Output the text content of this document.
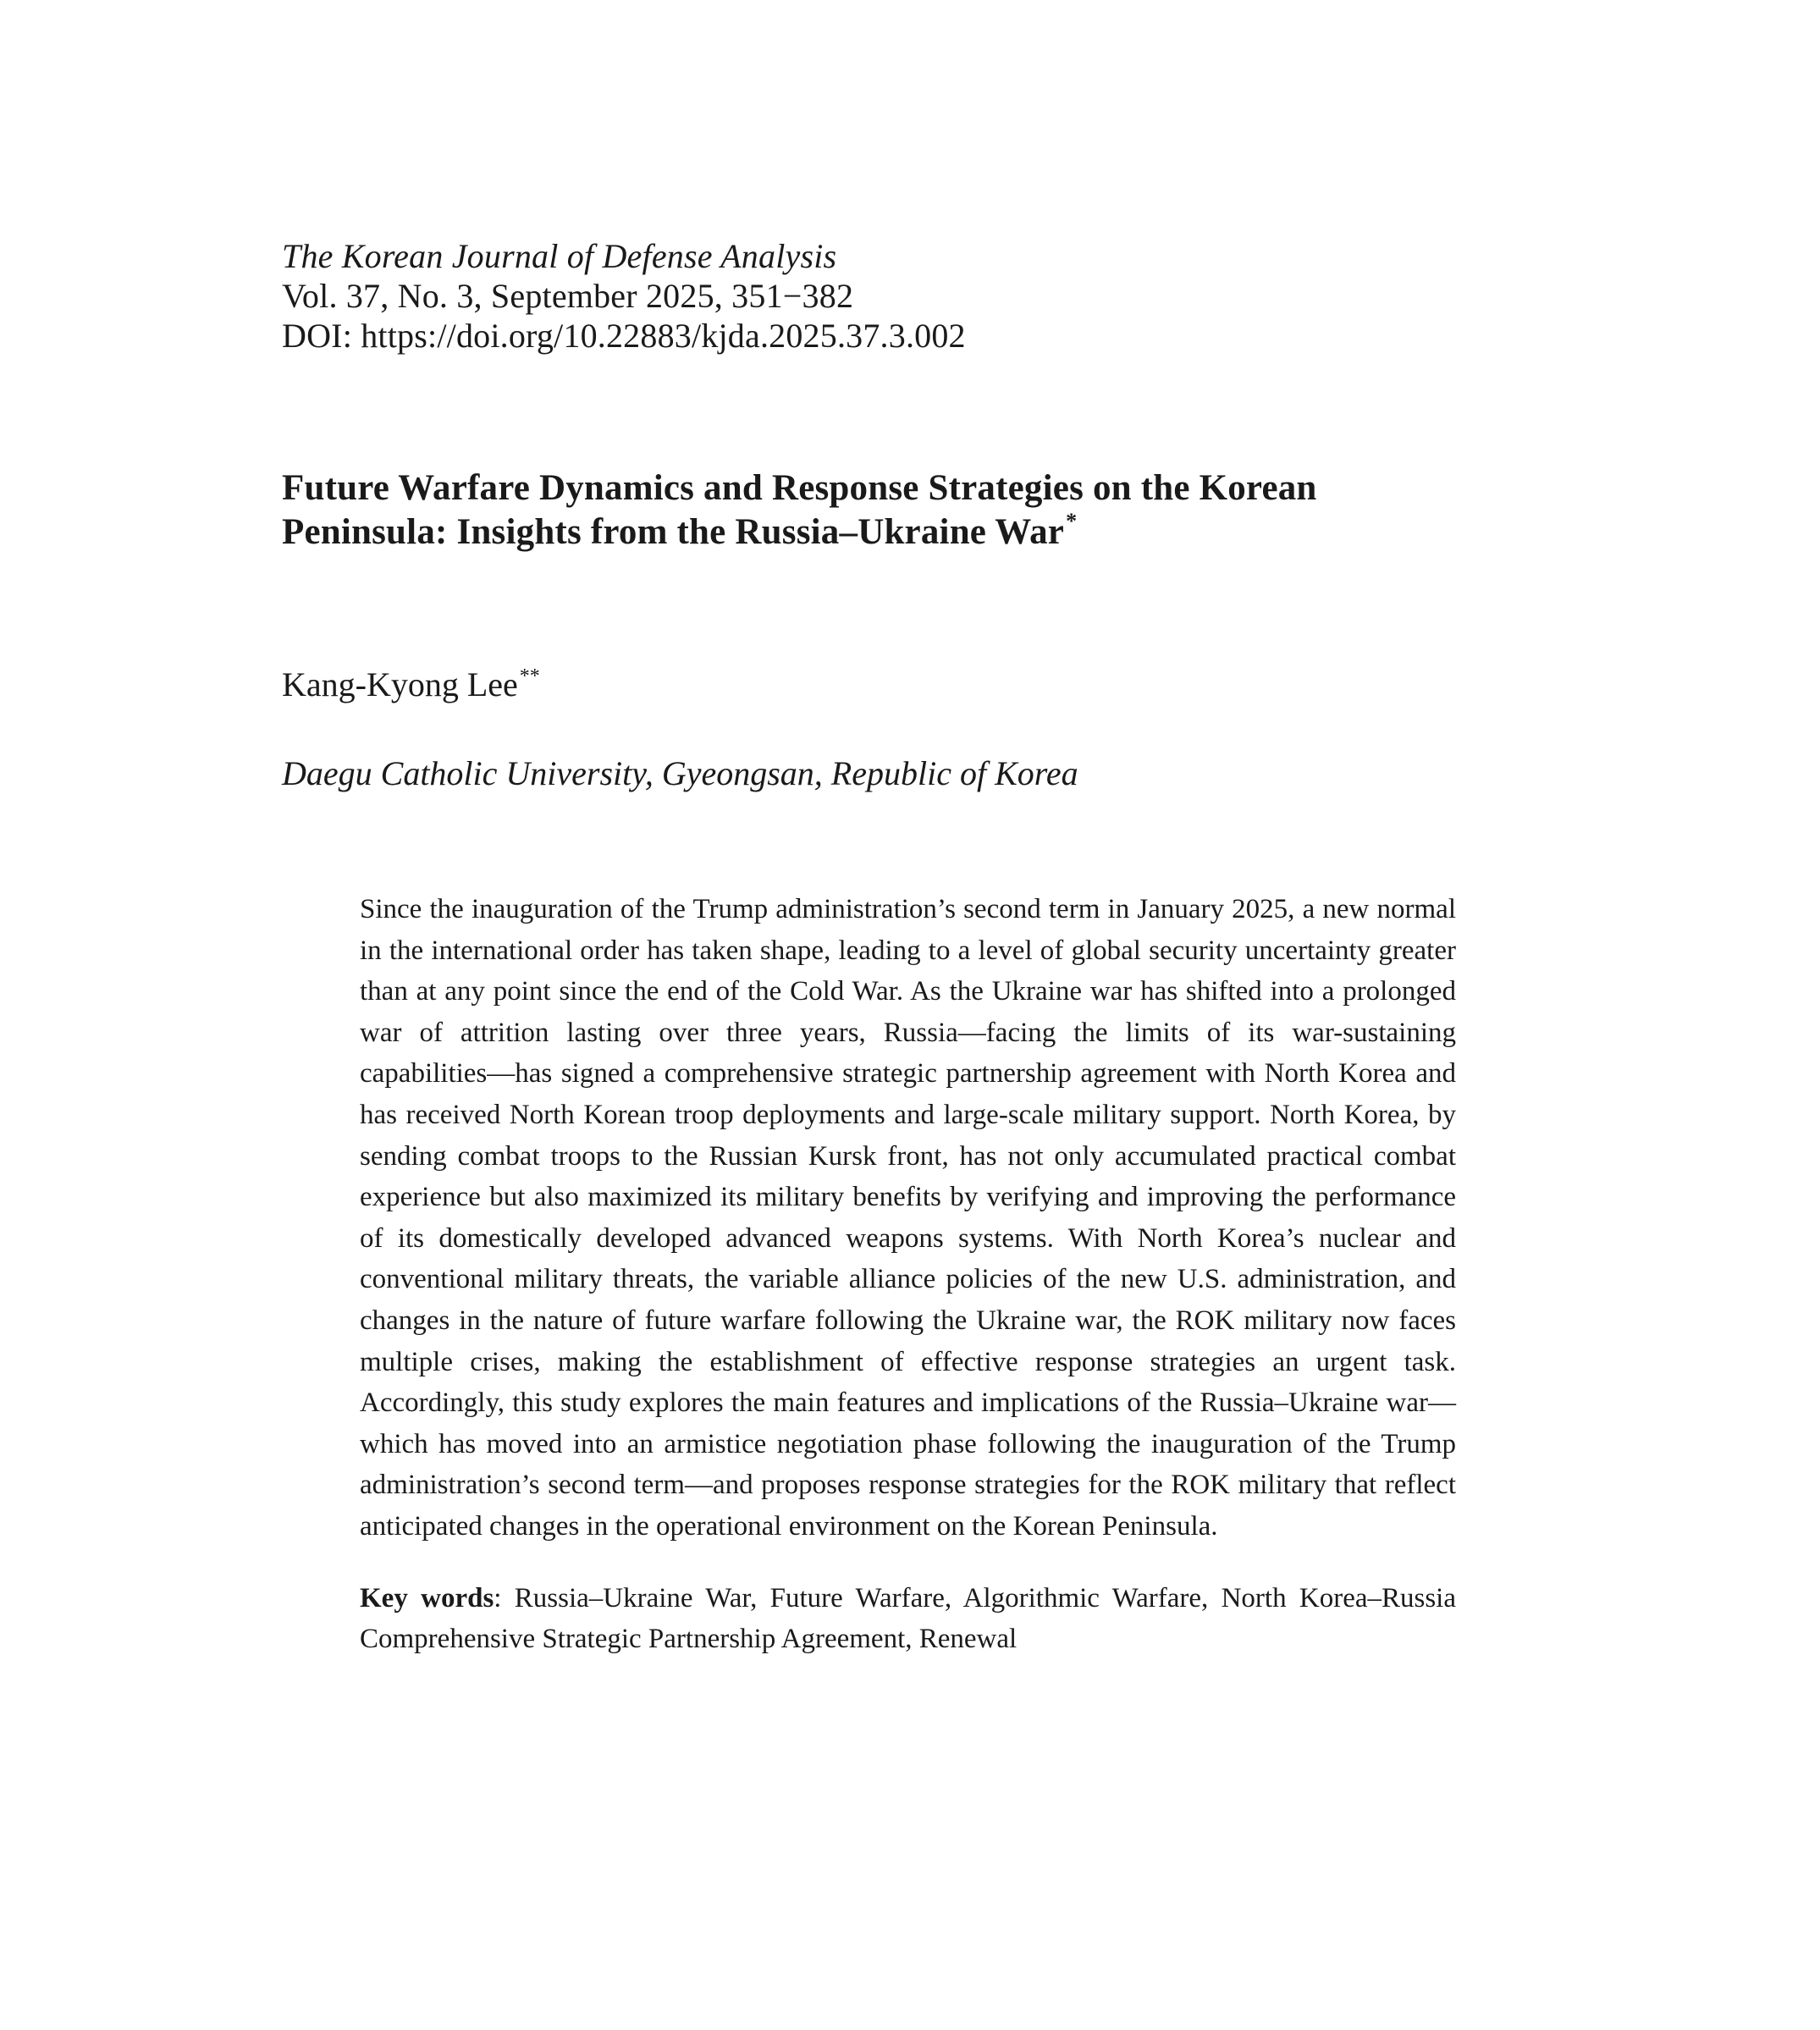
The Korean Journal of Defense Analysis
Vol. 37, No. 3, September 2025, 351−382
DOI: https://doi.org/10.22883/kjda.2025.37.3.002
Future Warfare Dynamics and Response Strategies on the Korean
Peninsula: Insights from the Russia–Ukraine War*
Kang-Kyong Lee**
Daegu Catholic University, Gyeongsan, Republic of Korea

Since the inauguration of the Trump administration’s second term in January 2025, a new normal in the international order has taken shape, leading to a level of global security uncertainty greater than at any point since the end of the Cold War. As the Ukraine war has shifted into a prolonged war of attrition lasting over three years, Russia—facing the limits of its war-sustaining capabilities—has signed a comprehensive strategic partnership agreement with North Korea and has received North Korean troop deployments and large-scale military support. North Korea, by sending combat troops to the Russian Kursk front, has not only accumulated practical combat experience but also maximized its military benefits by verifying and improving the performance of its domestically developed advanced weapons systems. With North Korea’s nuclear and conventional military threats, the variable alliance policies of the new U.S. administration, and changes in the nature of future warfare following the Ukraine war, the ROK military now faces multiple crises, making the establishment of effective response strategies an urgent task. Accordingly, this study explores the main features and implications of the Russia–Ukraine war—which has moved into an armistice negotiation phase following the inauguration of the Trump administration’s second term—and proposes response strategies for the ROK military that reflect anticipated changes in the operational environment on the Korean Peninsula.

Key words: Russia–Ukraine War, Future Warfare, Algorithmic Warfare, North Korea–Russia Comprehensive Strategic Partnership Agreement, Renewal
